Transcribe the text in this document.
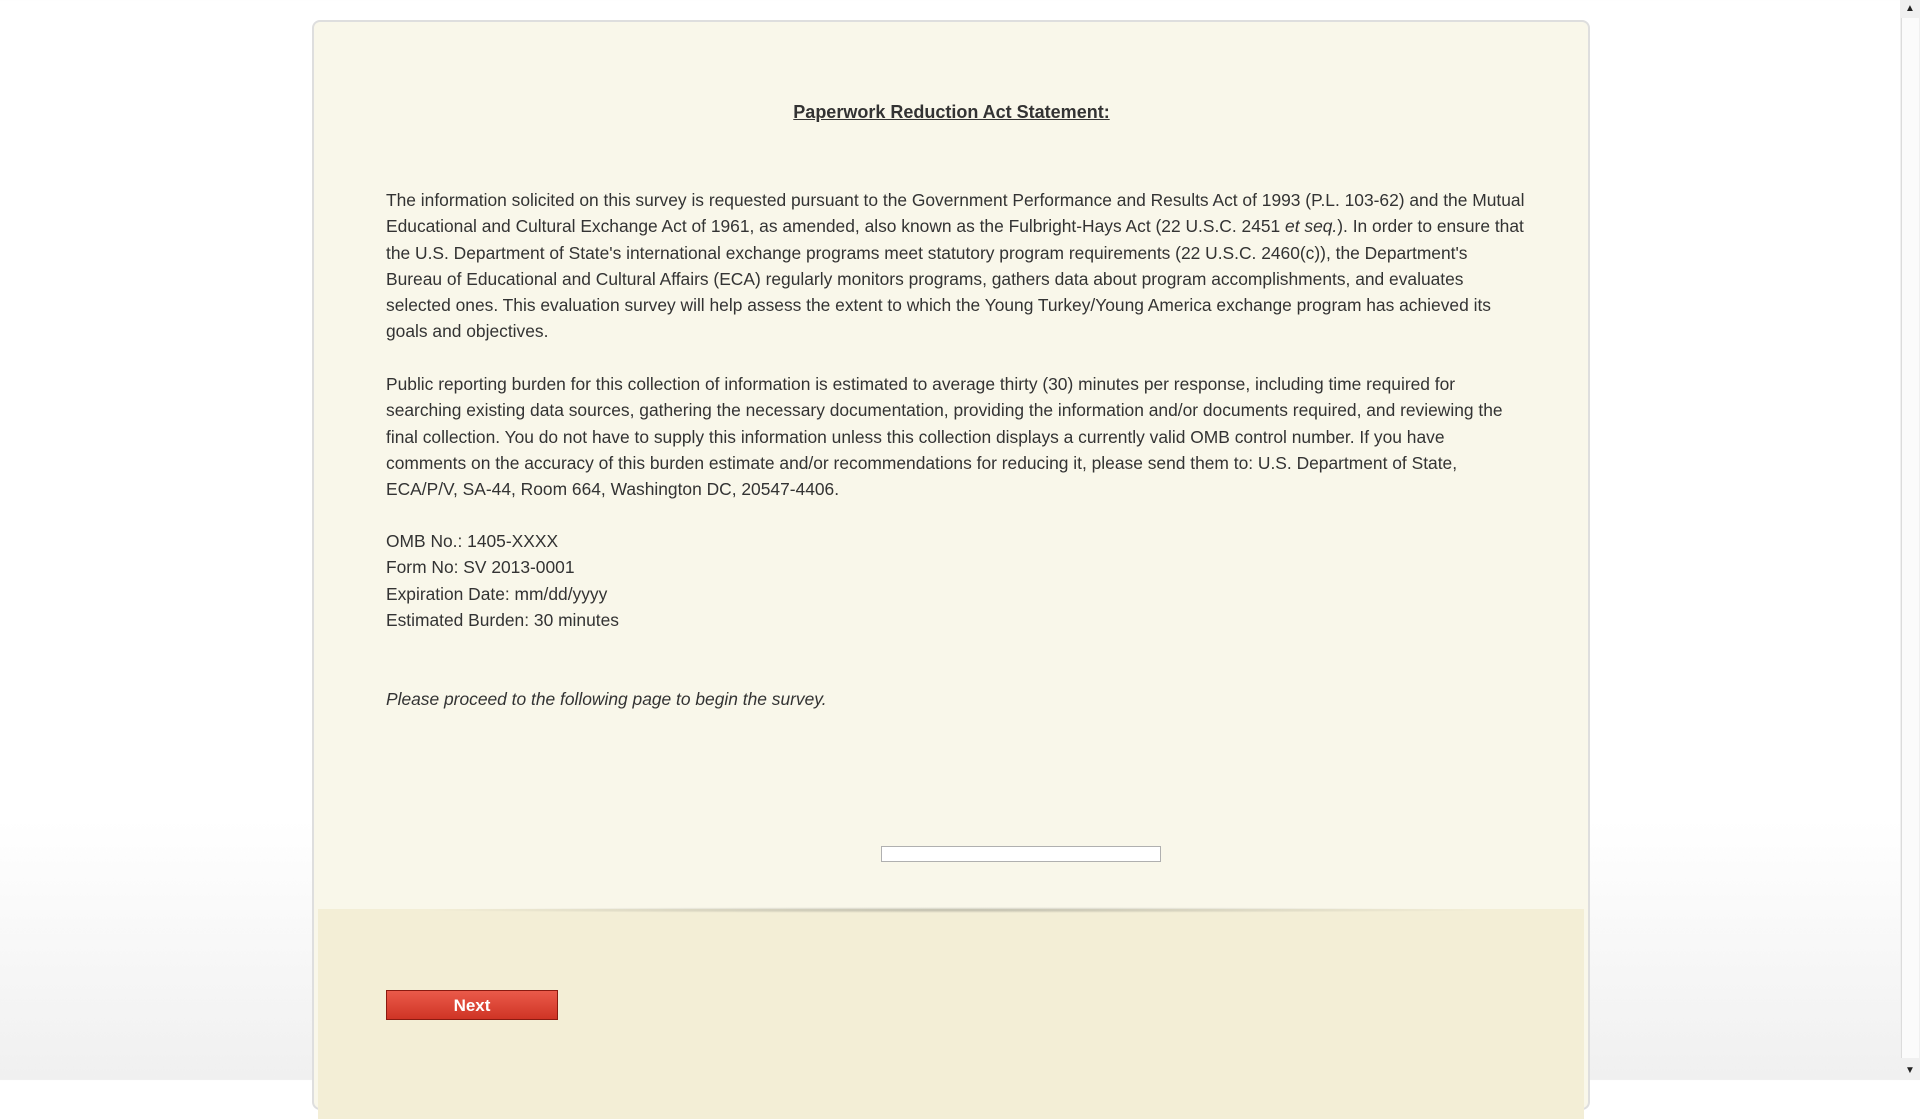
Paperwork Reduction Act Statement:

The information solicited on this survey is requested pursuant to the Government Performance and Results Act of 1993 (P.L. 103-62) and the Mutual Educational and Cultural Exchange Act of 1961, as amended, also known as the Fulbright-Hays Act (22 U.S.C. 2451 et seq.). In order to ensure that the U.S. Department of State's international exchange programs meet statutory program requirements (22 U.S.C. 2460(c)), the Department's Bureau of Educational and Cultural Affairs (ECA) regularly monitors programs, gathers data about program accomplishments, and evaluates selected ones. This evaluation survey will help assess the extent to which the Young Turkey/Young America exchange program has achieved its goals and objectives.

Public reporting burden for this collection of information is estimated to average thirty (30) minutes per response, including time required for searching existing data sources, gathering the necessary documentation, providing the information and/or documents required, and reviewing the final collection. You do not have to supply this information unless this collection displays a currently valid OMB control number. If you have comments on the accuracy of this burden estimate and/or recommendations for reducing it, please send them to: U.S. Department of State, ECA/P/V, SA-44, Room 664, Washington DC, 20547-4406.

OMB No.: 1405-XXXX
Form No: SV 2013-0001
Expiration Date: mm/dd/yyyy
Estimated Burden: 30 minutes
Please proceed to the following page to begin the survey.
Next
▲
▼
